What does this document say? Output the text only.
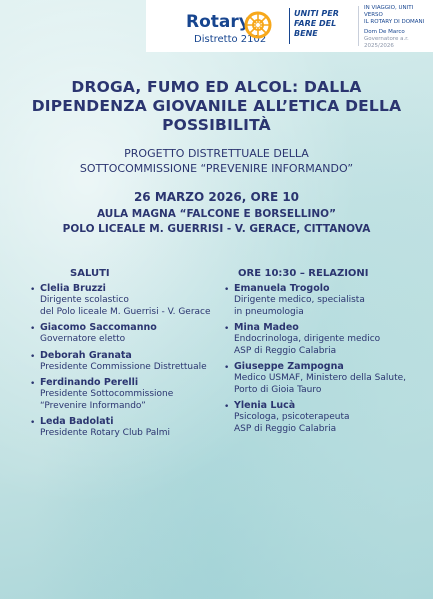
Rotary
Distretto 2102
UNITI PER
FARE DEL
BENE
IN VIAGGIO, UNITI VERSO
IL ROTARY DI DOMANI
Dom De Marco
Governatore a.r. 2025/2026
DROGA, FUMO ED ALCOL: DALLA
DIPENDENZA GIOVANILE ALL’ETICA DELLA
POSSIBILITÀ
PROGETTO DISTRETTUALE DELLA
SOTTOCOMMISSIONE “PREVENIRE INFORMANDO”
26 MARZO 2026, ORE 10
AULA MAGNA “FALCONE E BORSELLINO”
POLO LICEALE M. GUERRISI - V. GERACE, CITTANOVA
SALUTI
• Clelia Bruzzi
Dirigente scolastico
del Polo liceale M. Guerrisi - V. Gerace
• Giacomo Saccomanno
Governatore eletto
• Deborah Granata
Presidente Commissione Distrettuale
• Ferdinando Perelli
Presidente Sottocommissione
“Prevenire Informando”
• Leda Badolati
Presidente Rotary Club Palmi
ORE 10:30 – RELAZIONI
• Emanuela Trogolo
Dirigente medico, specialista
in pneumologia
• Mina Madeo
Endocrinologa, dirigente medico
ASP di Reggio Calabria
• Giuseppe Zampogna
Medico USMAF, Ministero della Salute,
Porto di Gioia Tauro
• Ylenia Lucà
Psicologa, psicoterapeuta
ASP di Reggio Calabria
